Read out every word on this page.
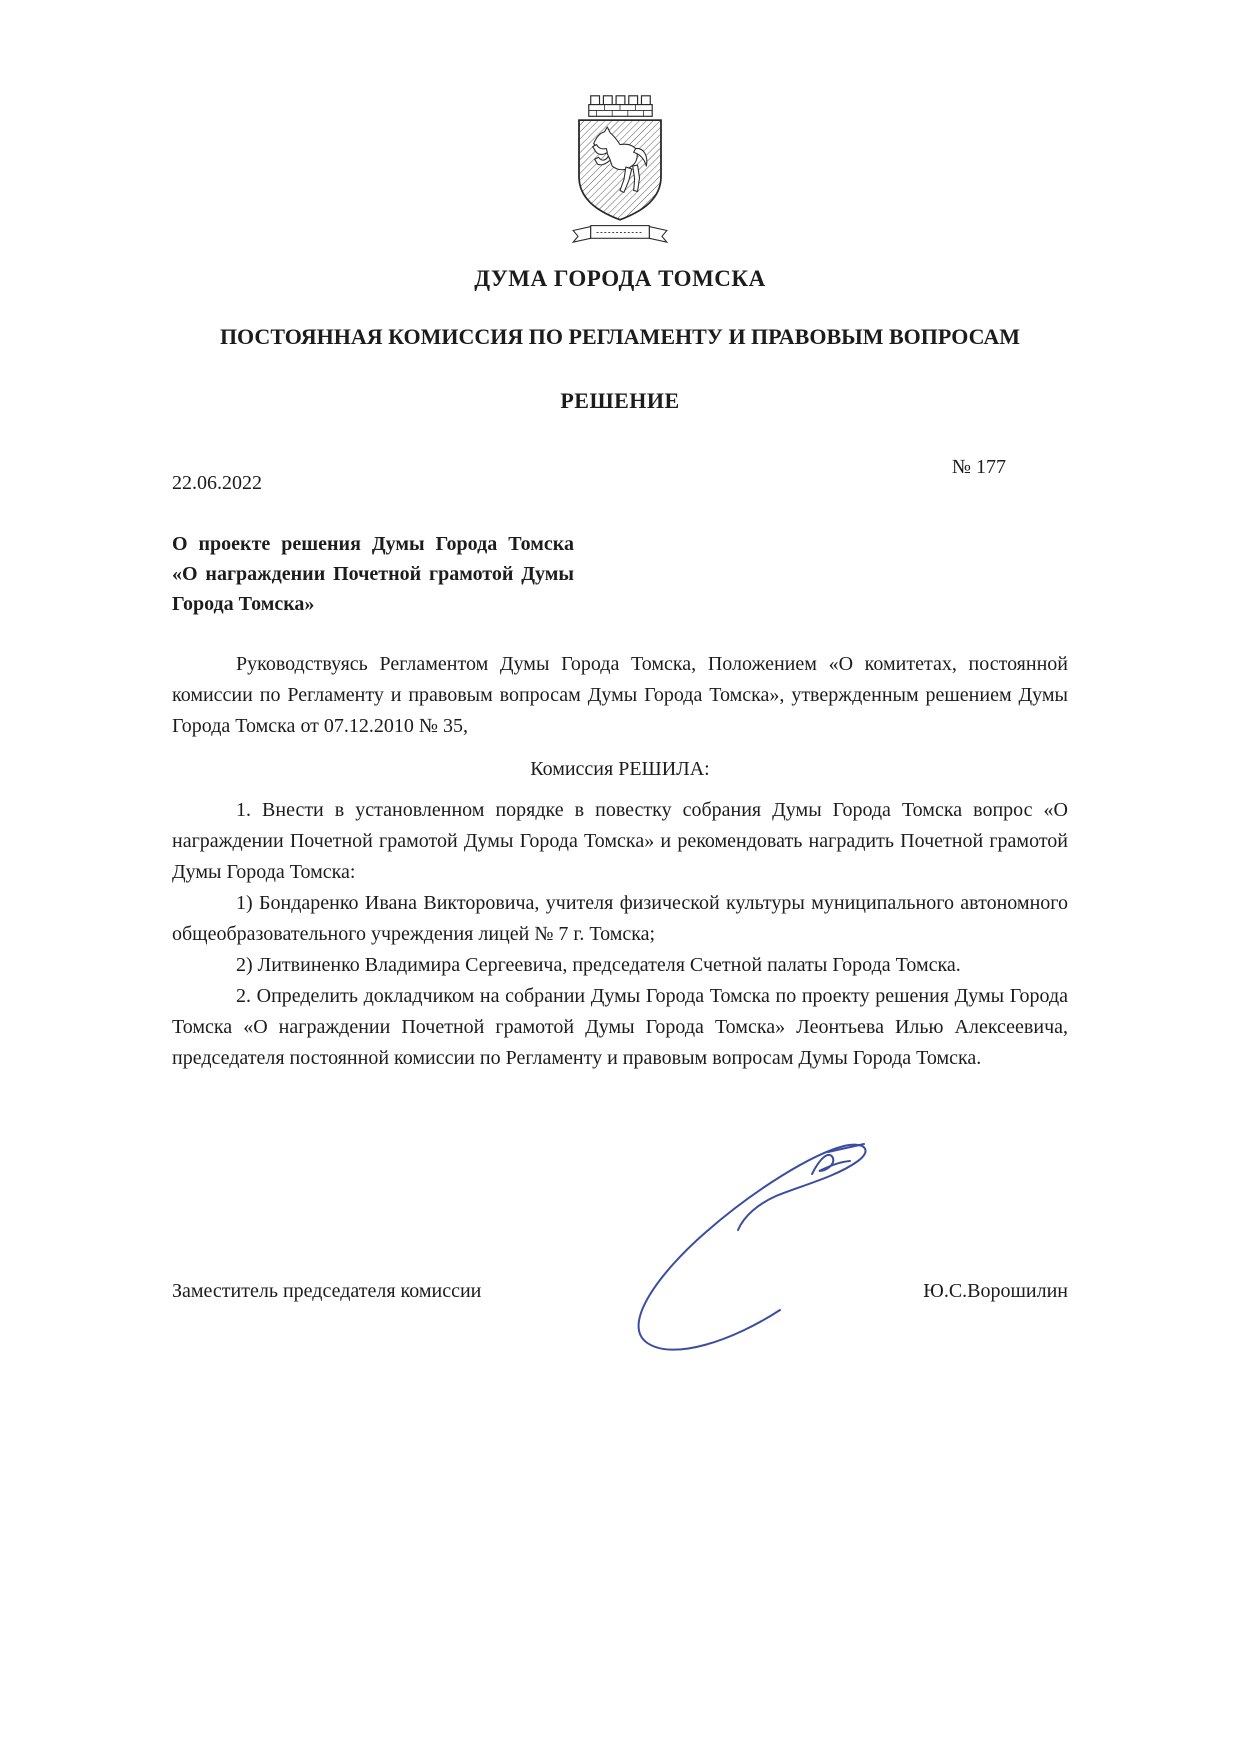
ДУМА ГОРОДА ТОМСКА
ПОСТОЯННАЯ КОМИССИЯ ПО РЕГЛАМЕНТУ И ПРАВОВЫМ ВОПРОСАМ
РЕШЕНИЕ
22.06.2022
№ 177

О проекте решения Думы Города Томска «О награждении Почетной грамотой Думы Города Томска»

Руководствуясь Регламентом Думы Города Томска, Положением «О комитетах, постоянной комиссии по Регламенту и правовым вопросам Думы Города Томска», утвержденным решением Думы Города Томска от 07.12.2010 № 35,

Комиссия РЕШИЛА:

1. Внести в установленном порядке в повестку собрания Думы Города Томска вопрос «О награждении Почетной грамотой Думы Города Томска» и рекомендовать наградить Почетной грамотой Думы Города Томска:

1) Бондаренко Ивана Викторовича, учителя физической культуры муниципального автономного общеобразовательного учреждения лицей № 7 г. Томска;

2) Литвиненко Владимира Сергеевича, председателя Счетной палаты Города Томска.

2. Определить докладчиком на собрании Думы Города Томска по проекту решения Думы Города Томска «О награждении Почетной грамотой Думы Города Томска» Леонтьева Илью Алексеевича, председателя постоянной комиссии по Регламенту и правовым вопросам Думы Города Томска.

Заместитель председателя комиссии	Ю.С.Ворошилин
